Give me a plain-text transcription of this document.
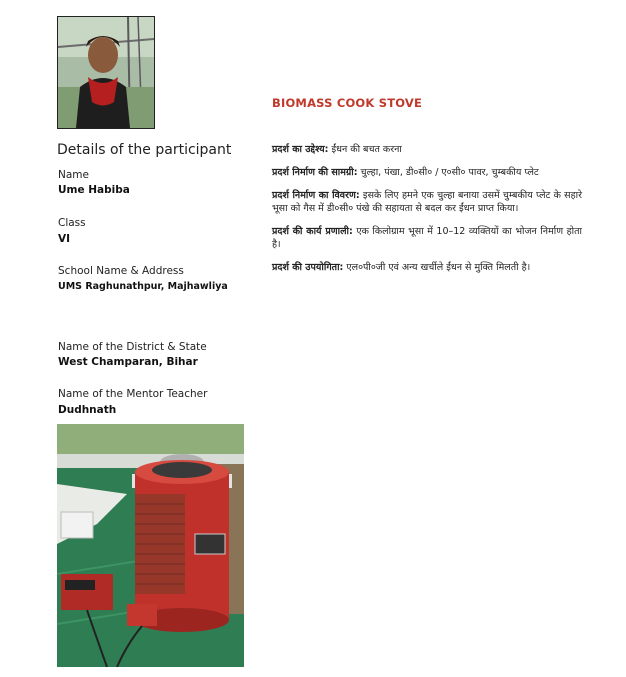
BIOMASS COOK STOVE
Details of the participant
Name
Ume Habiba
Class
VI
School Name & Address
UMS Raghunathpur, Majhawliya
Name of the District & State
West Champaran, Bihar
Name of the Mentor Teacher
Dudhnath

प्रदर्श का उद्देश्य: ईंधन की बचत करना

प्रदर्श निर्माण की सामग्री: चुल्हा, पंखा, डी०सी० / ए०सी० पावर, चुम्बकीय प्लेट

प्रदर्श निर्माण का विवरण: इसके लिए हमने एक चुल्हा बनाया उसमें चुम्बकीय प्लेट के सहारे भूसा को गैस में डी०सी० पंखे की सहायता से बदल कर ईंधन प्राप्त किया।

प्रदर्श की कार्य प्रणाली: एक किलोग्राम भूसा में 10–12 व्यक्तियों का भोजन निर्माण होता है।

प्रदर्श की उपयोगिता: एल०पी०जी एवं अन्य खर्चीले ईंधन से मुक्ति मिलती है।
